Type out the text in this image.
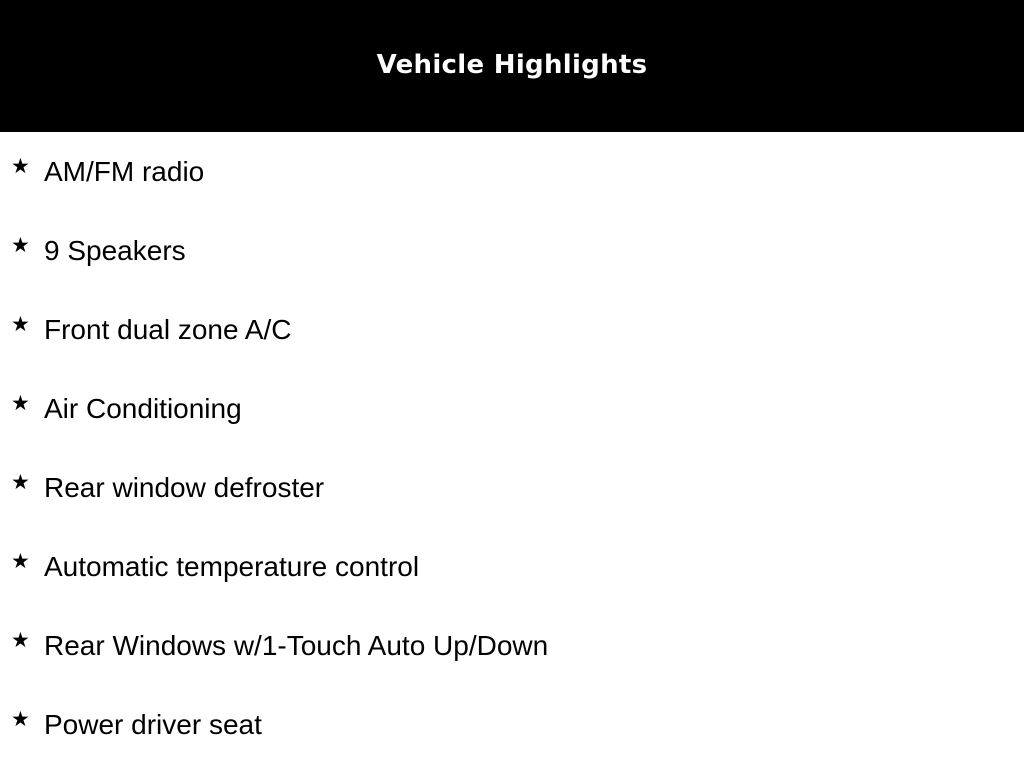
Vehicle Highlights
★ AM/FM radio
★ 9 Speakers
★ Front dual zone A/C
★ Air Conditioning
★ Rear window defroster
★ Automatic temperature control
★ Rear Windows w/1-Touch Auto Up/Down
★ Power driver seat
